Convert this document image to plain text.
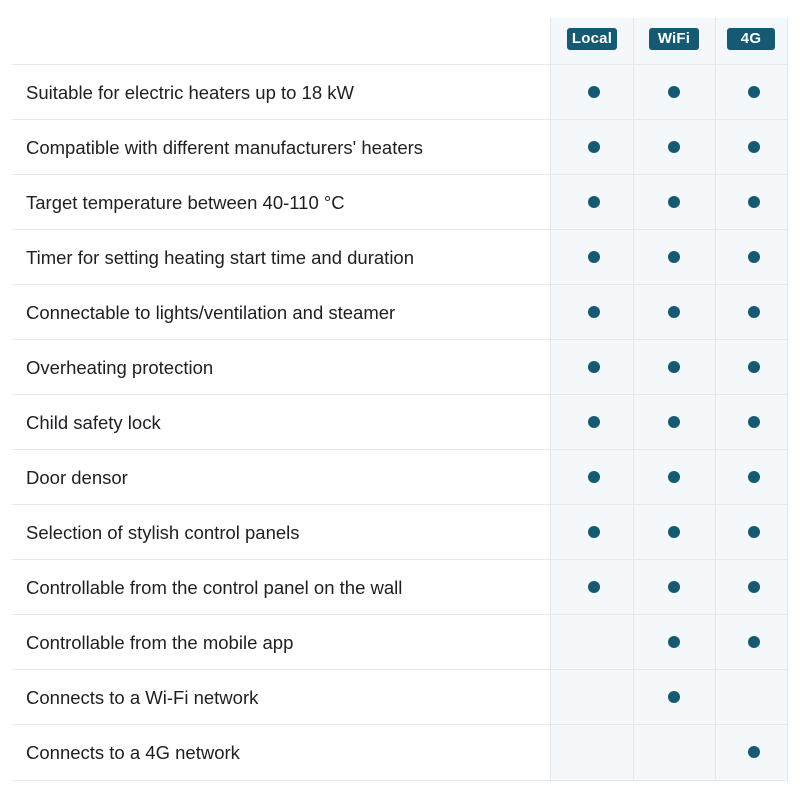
Local	WiFi	4G
Suitable for electric heaters up to 18 kW
Compatible with different manufacturers' heaters
Target temperature between 40-110 °C
Timer for setting heating start time and duration
Connectable to lights/ventilation and steamer
Overheating protection
Child safety lock
Door densor
Selection of stylish control panels
Controllable from the control panel on the wall
Controllable from the mobile app
Connects to a Wi-Fi network
Connects to a 4G network
